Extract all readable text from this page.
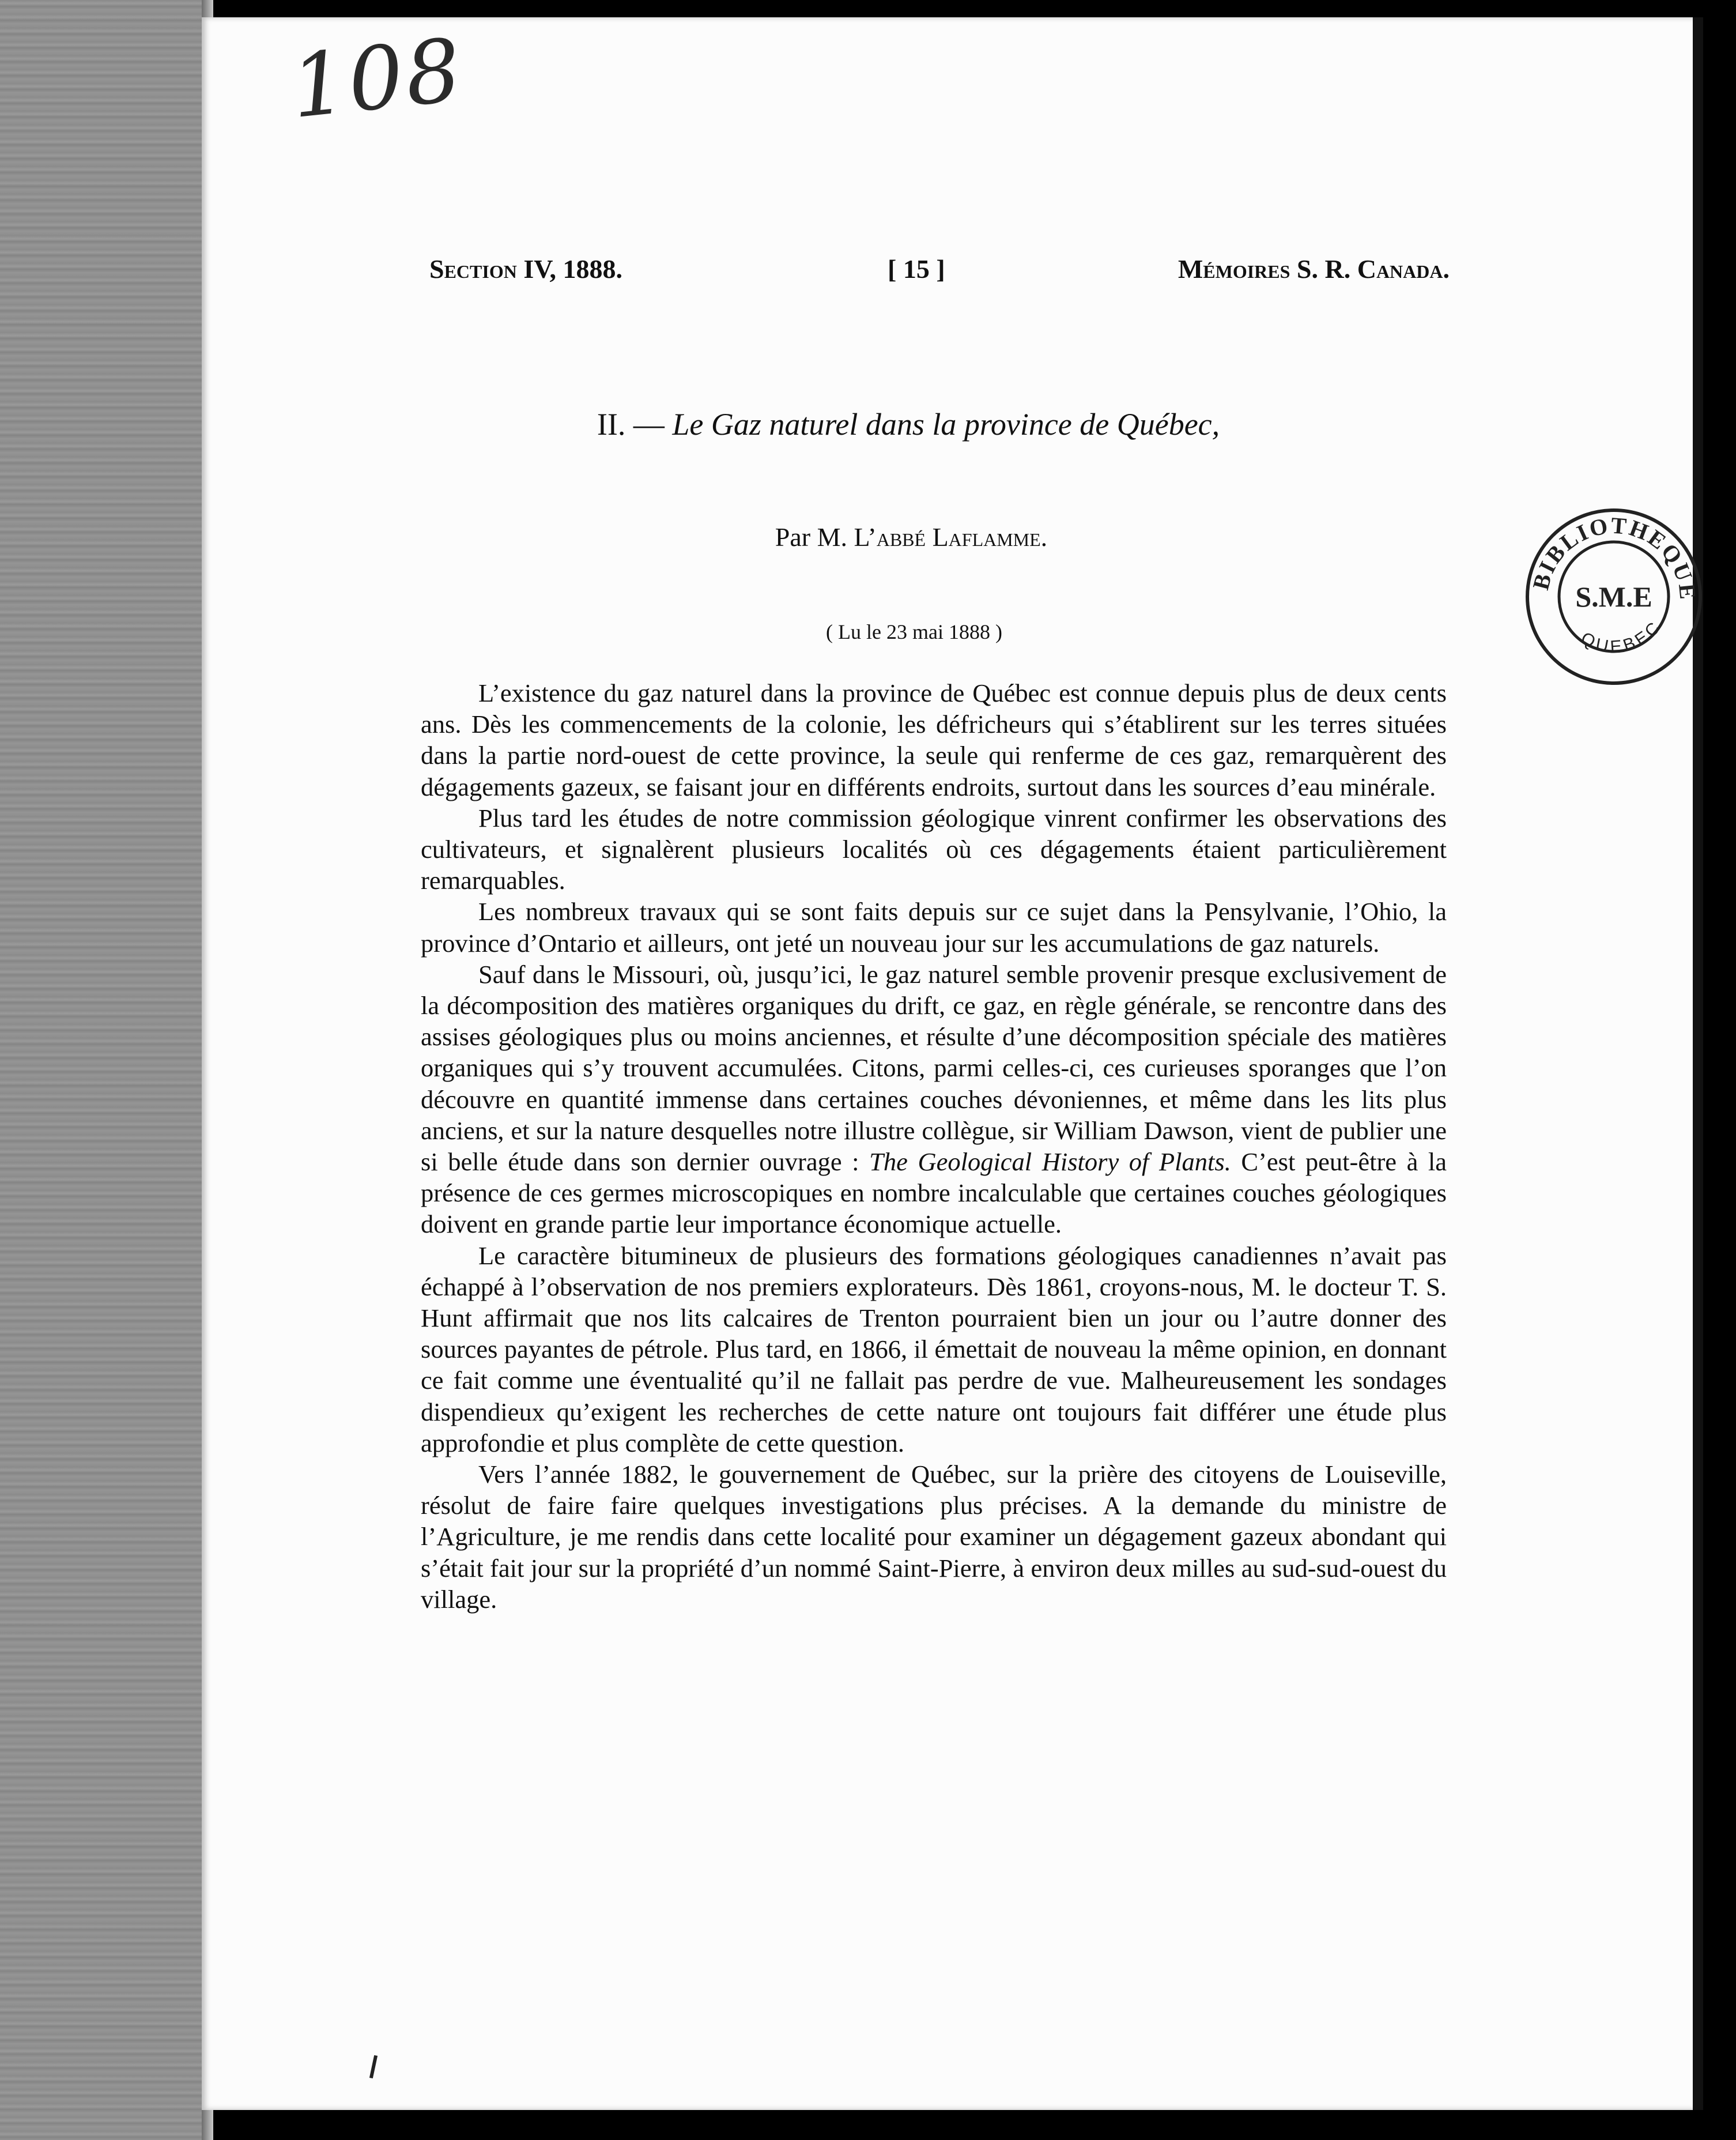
108
Section IV, 1888.	[ 15 ]	Mémoires S. R. Canada.
II. — Le Gaz naturel dans la province de Québec,
Par M. L’abbé Laflamme.
( Lu le 23 mai 1888 )
BIBLIOTHEQUE
S.M.E
QUEBEC

L’existence du gaz naturel dans la province de Québec est connue depuis plus de deux cents ans. Dès les commencements de la colonie, les défricheurs qui s’établirent sur les terres situées dans la partie nord-ouest de cette province, la seule qui renferme de ces gaz, remarquèrent des dégagements gazeux, se faisant jour en différents endroits, surtout dans les sources d’eau minérale.

Plus tard les études de notre commission géologique vinrent confirmer les observations des cultivateurs, et signalèrent plusieurs localités où ces dégagements étaient particulièrement remarquables.

Les nombreux travaux qui se sont faits depuis sur ce sujet dans la Pensylvanie, l’Ohio, la province d’Ontario et ailleurs, ont jeté un nouveau jour sur les accumulations de gaz naturels.

Sauf dans le Missouri, où, jusqu’ici, le gaz naturel semble provenir presque exclusivement de la décomposition des matières organiques du drift, ce gaz, en règle générale, se rencontre dans des assises géologiques plus ou moins anciennes, et résulte d’une décomposition spéciale des matières organiques qui s’y trouvent accumulées. Citons, parmi celles-ci, ces curieuses sporanges que l’on découvre en quantité immense dans certaines couches dévoniennes, et même dans les lits plus anciens, et sur la nature desquelles notre illustre collègue, sir William Dawson, vient de publier une si belle étude dans son dernier ouvrage : The Geological History of Plants. C’est peut-être à la présence de ces germes microscopiques en nombre incalculable que certaines couches géologiques doivent en grande partie leur importance économique actuelle.

Le caractère bitumineux de plusieurs des formations géologiques canadiennes n’avait pas échappé à l’observation de nos premiers explorateurs. Dès 1861, croyons-nous, M. le docteur T. S. Hunt affirmait que nos lits calcaires de Trenton pourraient bien un jour ou l’autre donner des sources payantes de pétrole. Plus tard, en 1866, il émettait de nouveau la même opinion, en donnant ce fait comme une éventualité qu’il ne fallait pas perdre de vue. Malheureusement les sondages dispendieux qu’exigent les recherches de cette nature ont toujours fait différer une étude plus approfondie et plus complète de cette question.

Vers l’année 1882, le gouvernement de Québec, sur la prière des citoyens de Louiseville, résolut de faire faire quelques investigations plus précises. A la demande du ministre de l’Agriculture, je me rendis dans cette localité pour examiner un dégagement gazeux abondant qui s’était fait jour sur la propriété d’un nommé Saint-Pierre, à environ deux milles au sud-sud-ouest du village.
